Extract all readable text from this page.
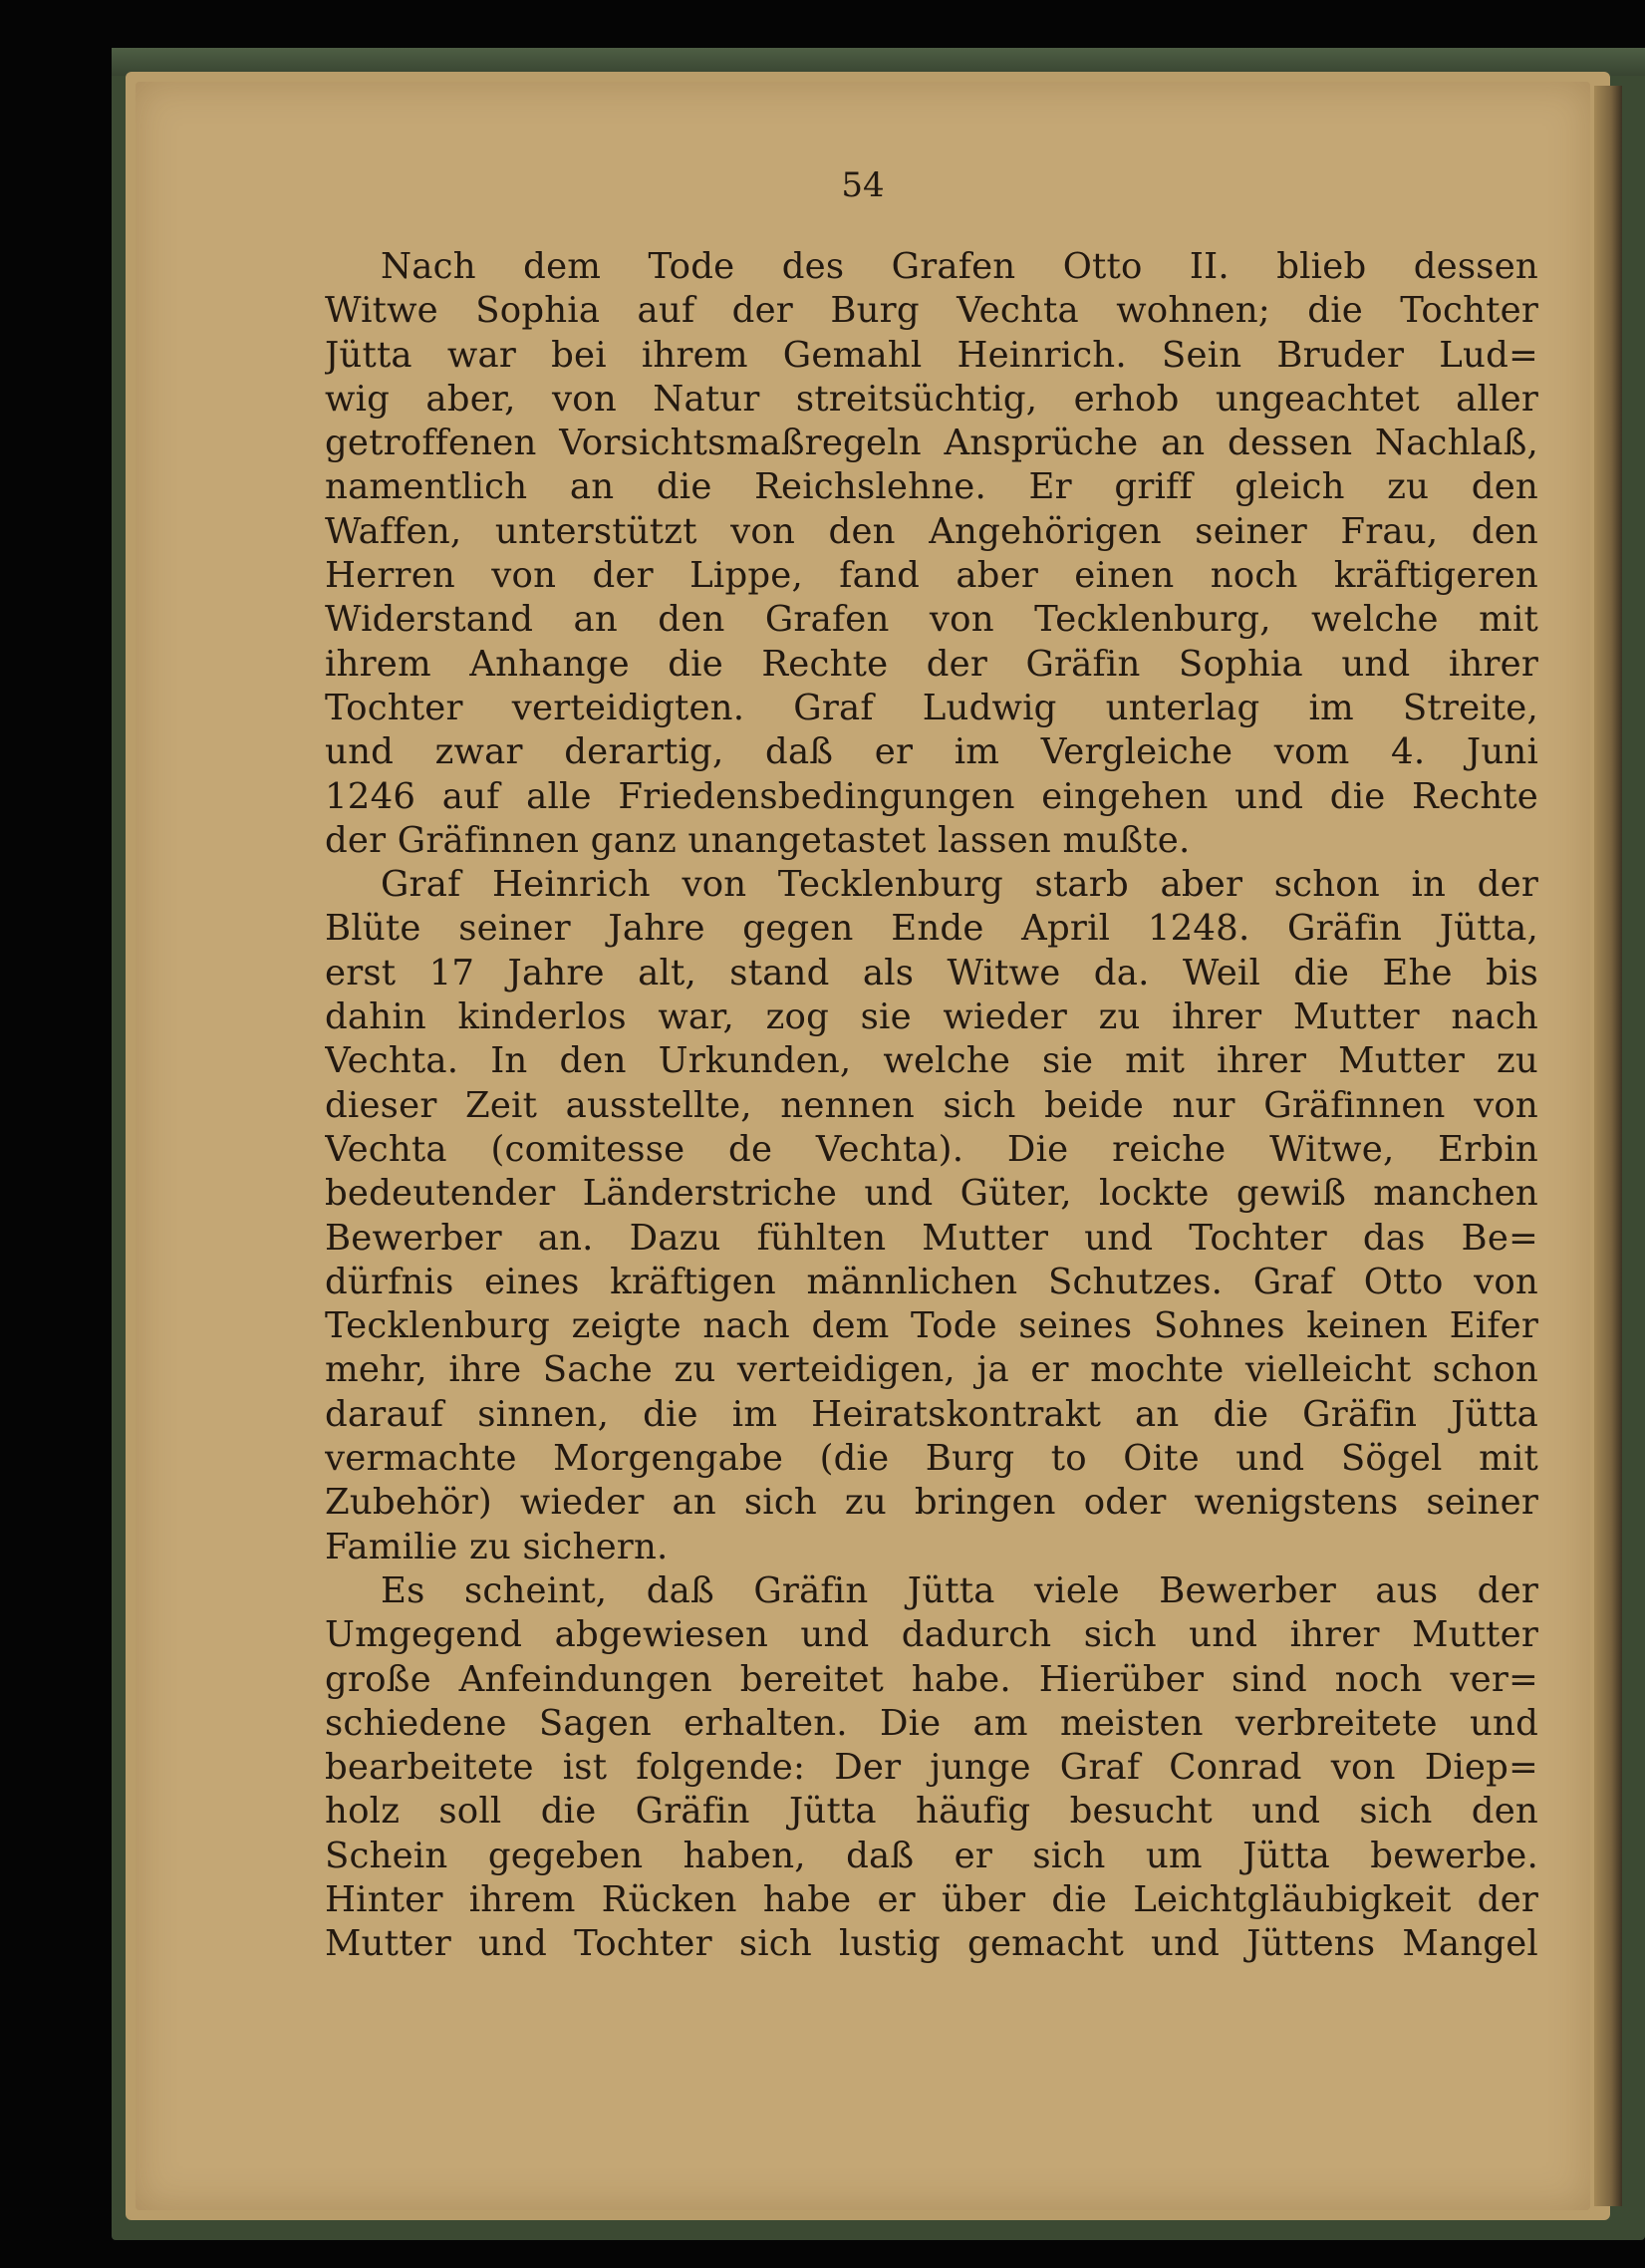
54
Nach dem Tode des Grafen Otto II. blieb dessen
Witwe Sophia auf der Burg Vechta wohnen; die Tochter
Jütta war bei ihrem Gemahl Heinrich. Sein Bruder Lud=
wig aber, von Natur streitsüchtig, erhob ungeachtet aller
getroffenen Vorsichtsmaßregeln Ansprüche an dessen Nachlaß,
namentlich an die Reichslehne. Er griff gleich zu den
Waffen, unterstützt von den Angehörigen seiner Frau, den
Herren von der Lippe, fand aber einen noch kräftigeren
Widerstand an den Grafen von Tecklenburg, welche mit
ihrem Anhange die Rechte der Gräfin Sophia und ihrer
Tochter verteidigten. Graf Ludwig unterlag im Streite,
und zwar derartig, daß er im Vergleiche vom 4. Juni
1246 auf alle Friedensbedingungen eingehen und die Rechte
der Gräfinnen ganz unangetastet lassen mußte.
Graf Heinrich von Tecklenburg starb aber schon in der
Blüte seiner Jahre gegen Ende April 1248. Gräfin Jütta,
erst 17 Jahre alt, stand als Witwe da. Weil die Ehe bis
dahin kinderlos war, zog sie wieder zu ihrer Mutter nach
Vechta. In den Urkunden, welche sie mit ihrer Mutter zu
dieser Zeit ausstellte, nennen sich beide nur Gräfinnen von
Vechta (comitesse de Vechta). Die reiche Witwe, Erbin
bedeutender Länderstriche und Güter, lockte gewiß manchen
Bewerber an. Dazu fühlten Mutter und Tochter das Be=
dürfnis eines kräftigen männlichen Schutzes. Graf Otto von
Tecklenburg zeigte nach dem Tode seines Sohnes keinen Eifer
mehr, ihre Sache zu verteidigen, ja er mochte vielleicht schon
darauf sinnen, die im Heiratskontrakt an die Gräfin Jütta
vermachte Morgengabe (die Burg to Oite und Sögel mit
Zubehör) wieder an sich zu bringen oder wenigstens seiner
Familie zu sichern.
Es scheint, daß Gräfin Jütta viele Bewerber aus der
Umgegend abgewiesen und dadurch sich und ihrer Mutter
große Anfeindungen bereitet habe. Hierüber sind noch ver=
schiedene Sagen erhalten. Die am meisten verbreitete und
bearbeitete ist folgende: Der junge Graf Conrad von Diep=
holz soll die Gräfin Jütta häufig besucht und sich den
Schein gegeben haben, daß er sich um Jütta bewerbe.
Hinter ihrem Rücken habe er über die Leichtgläubigkeit der
Mutter und Tochter sich lustig gemacht und Jüttens Mangel
